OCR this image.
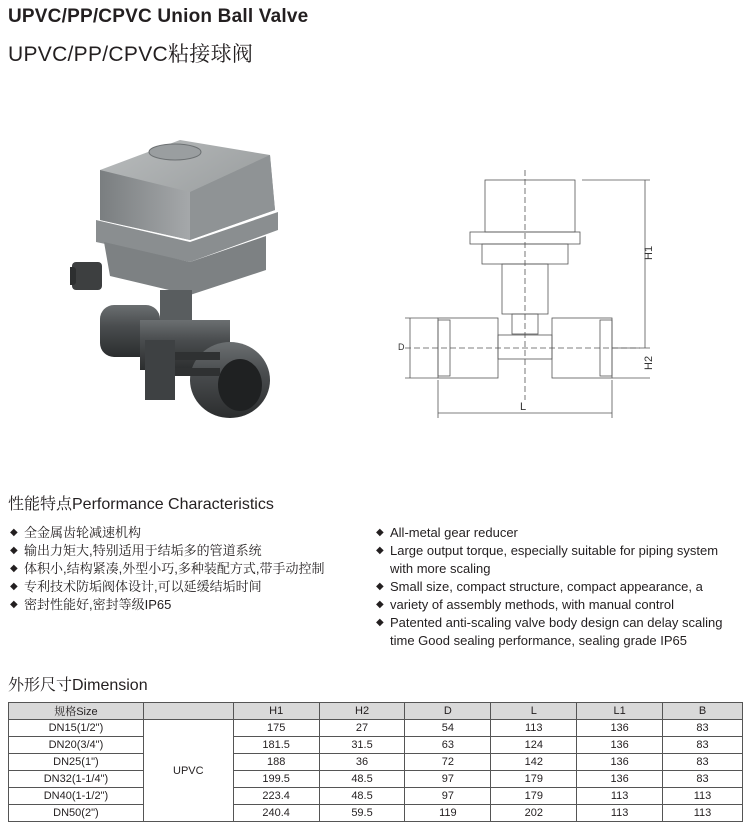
UPVC/PP/CPVC Union Ball Valve
UPVC/PP/CPVC粘接球阀
H1
H2
D
L
性能特点Performance Characteristics
◆ 全金属齿轮减速机构
◆ 输出力矩大,特别适用于结垢多的管道系统
◆ 体积小,结构紧凑,外型小巧,多种装配方式,带手动控制
◆ 专利技术防垢阀体设计,可以延缓结垢时间
◆ 密封性能好,密封等级IP65
◆ All-metal gear reducer
◆ Large output torque, especially suitable for piping system
with more scaling
◆ Small size, compact structure, compact appearance, a
◆ variety of assembly methods, with manual control
◆ Patented anti-scaling valve body design can delay scaling
time Good sealing performance, sealing grade IP65
外形尺寸Dimension
规格Size		H1	H2	D	L	L1	B
DN15(1/2")	UPVC	175	27	54	113	136	83
DN20(3/4")		181.5	31.5	63	124	136	83
DN25(1")		188	36	72	142	136	83
DN32(1-1/4")		199.5	48.5	97	179	136	83
DN40(1-1/2")		223.4	48.5	97	179	113	113
DN50(2")		240.4	59.5	119	202	113	113
